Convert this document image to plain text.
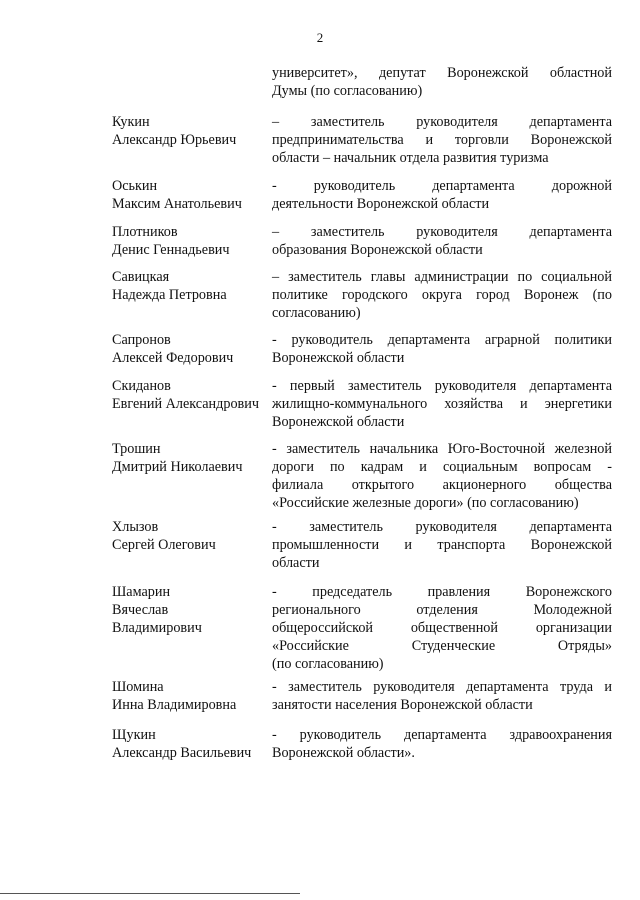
2
университет», депутат Воронежской областной
Думы (по согласованию)
Кукин
Александр Юрьевич
– заместитель руководителя департамента
предпринимательства и торговли Воронежской
области – начальник отдела развития туризма
Оськин
Максим Анатольевич
- руководитель департамента дорожной
деятельности Воронежской области
Плотников
Денис Геннадьевич
– заместитель руководителя департамента
образования Воронежской области
Савицкая
Надежда Петровна
– заместитель главы администрации по социальной
политике городского округа город Воронеж (по
согласованию)
Сапронов
Алексей Федорович
- руководитель департамента аграрной политики
Воронежской области
Скиданов
Евгений Александрович
- первый заместитель руководителя департамента
жилищно-коммунального хозяйства и энергетики
Воронежской области
Трошин
Дмитрий Николаевич
- заместитель начальника Юго-Восточной железной
дороги по кадрам и социальным вопросам -
филиала открытого акционерного общества
«Российские железные дороги» (по согласованию)
Хлызов
Сергей Олегович
- заместитель руководителя департамента
промышленности и транспорта Воронежской
области
Шамарин
Вячеслав
Владимирович
- председатель правления Воронежского
регионального отделения Молодежной
общероссийской общественной организации
«Российские Студенческие Отряды»
(по согласованию)
Шомина
Инна Владимировна
- заместитель руководителя департамента труда и
занятости населения Воронежской области
Щукин
Александр Васильевич
- руководитель департамента здравоохранения
Воронежской области».
